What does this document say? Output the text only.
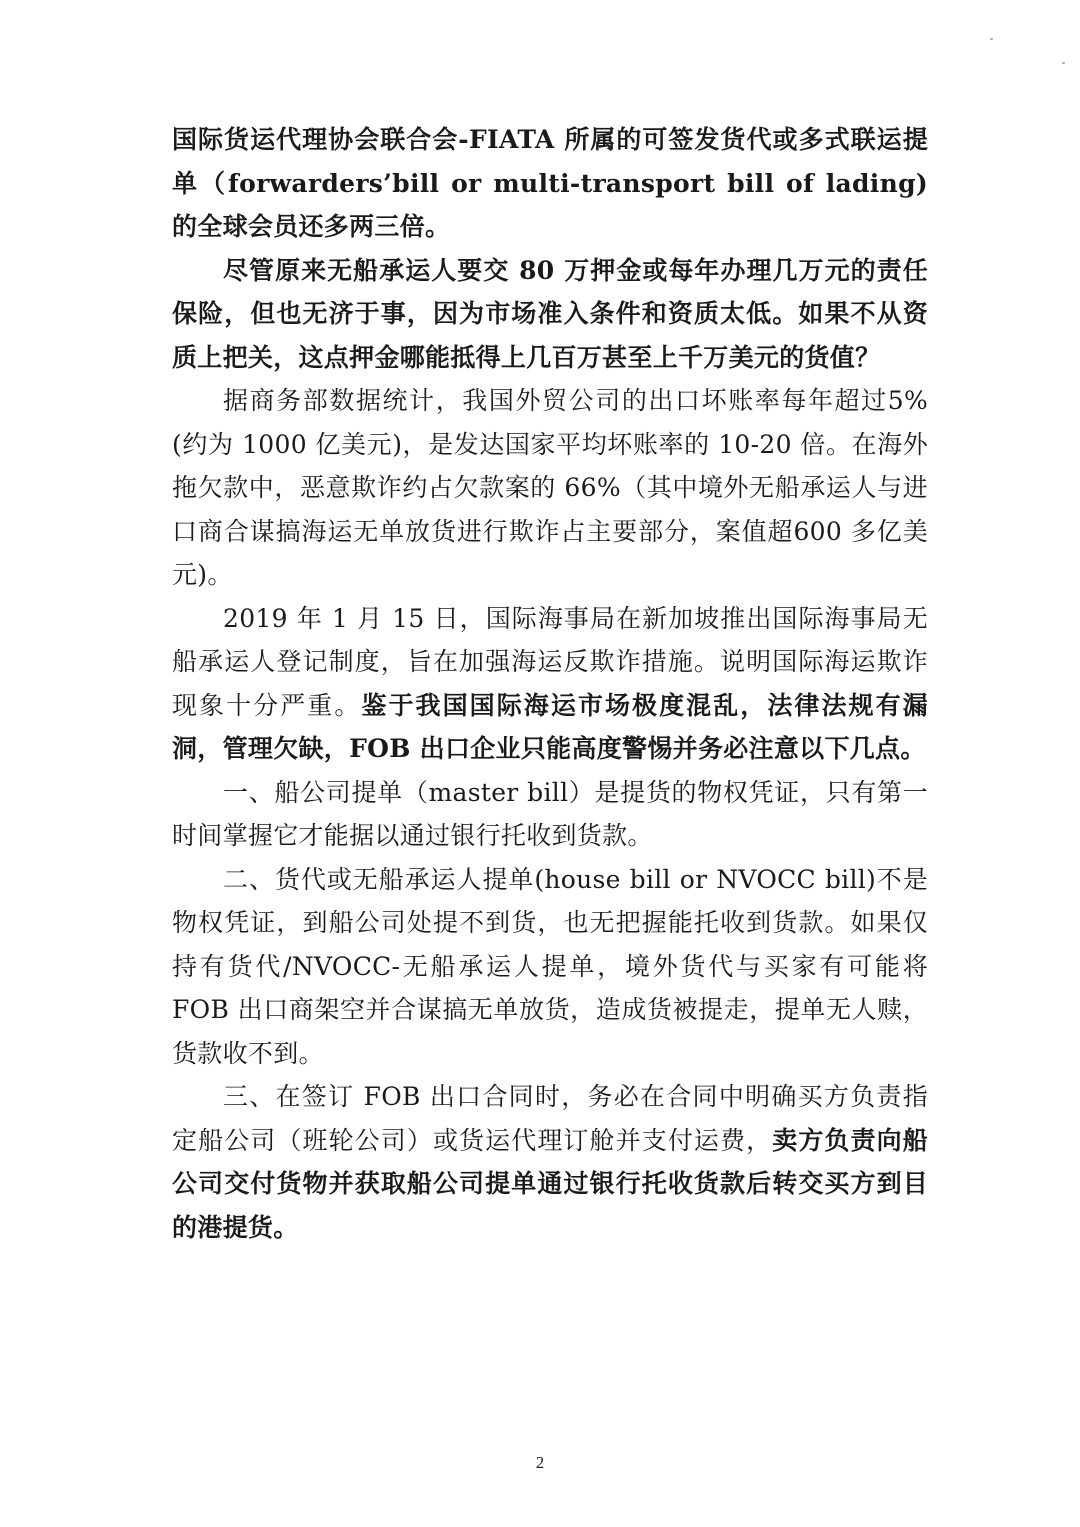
国际货运代理协会联合会-FIATA 所属的可签发货代或多式联运提单（forwarders’bill or multi-transport bill of lading)的全球会员还多两三倍。

尽管原来无船承运人要交 80 万押金或每年办理几万元的责任保险，但也无济于事，因为市场准入条件和资质太低。如果不从资质上把关，这点押金哪能抵得上几百万甚至上千万美元的货值？

据商务部数据统计，我国外贸公司的出口坏账率每年超过5%(约为 1000 亿美元)，是发达国家平均坏账率的 10-20 倍。在海外拖欠款中，恶意欺诈约占欠款案的 66%（其中境外无船承运人与进口商合谋搞海运无单放货进行欺诈占主要部分，案值超600 多亿美元)。

2019 年 1 月 15 日，国际海事局在新加坡推出国际海事局无船承运人登记制度，旨在加强海运反欺诈措施。说明国际海运欺诈现象十分严重。鉴于我国国际海运市场极度混乱，法律法规有漏洞，管理欠缺，FOB 出口企业只能高度警惕并务必注意以下几点。

一、船公司提单（master bill）是提货的物权凭证，只有第一时间掌握它才能据以通过银行托收到货款。

二、货代或无船承运人提单(house bill or NVOCC bill)不是物权凭证，到船公司处提不到货，也无把握能托收到货款。如果仅持有货代/NVOCC-无船承运人提单，境外货代与买家有可能将 FOB 出口商架空并合谋搞无单放货，造成货被提走，提单无人赎，货款收不到。

三、在签订 FOB 出口合同时，务必在合同中明确买方负责指定船公司（班轮公司）或货运代理订舱并支付运费，卖方负责向船公司交付货物并获取船公司提单通过银行托收货款后转交买方到目的港提货。

2
